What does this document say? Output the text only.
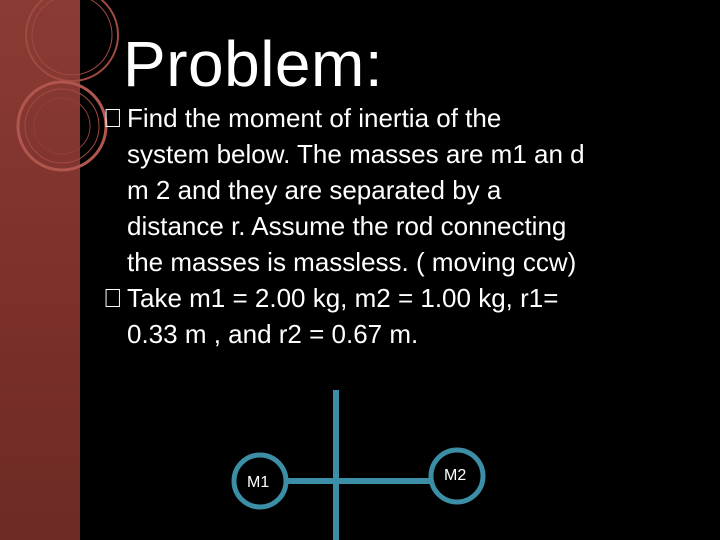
Problem:
Find the moment of inertia of the
system below. The masses are m1 an d
m 2 and they are separated by a
distance r. Assume the rod connecting
the masses is massless. ( moving ccw)
Take m1 = 2.00 kg, m2 = 1.00 kg, r1=
0.33 m , and r2 = 0.67 m.
M1	M2
